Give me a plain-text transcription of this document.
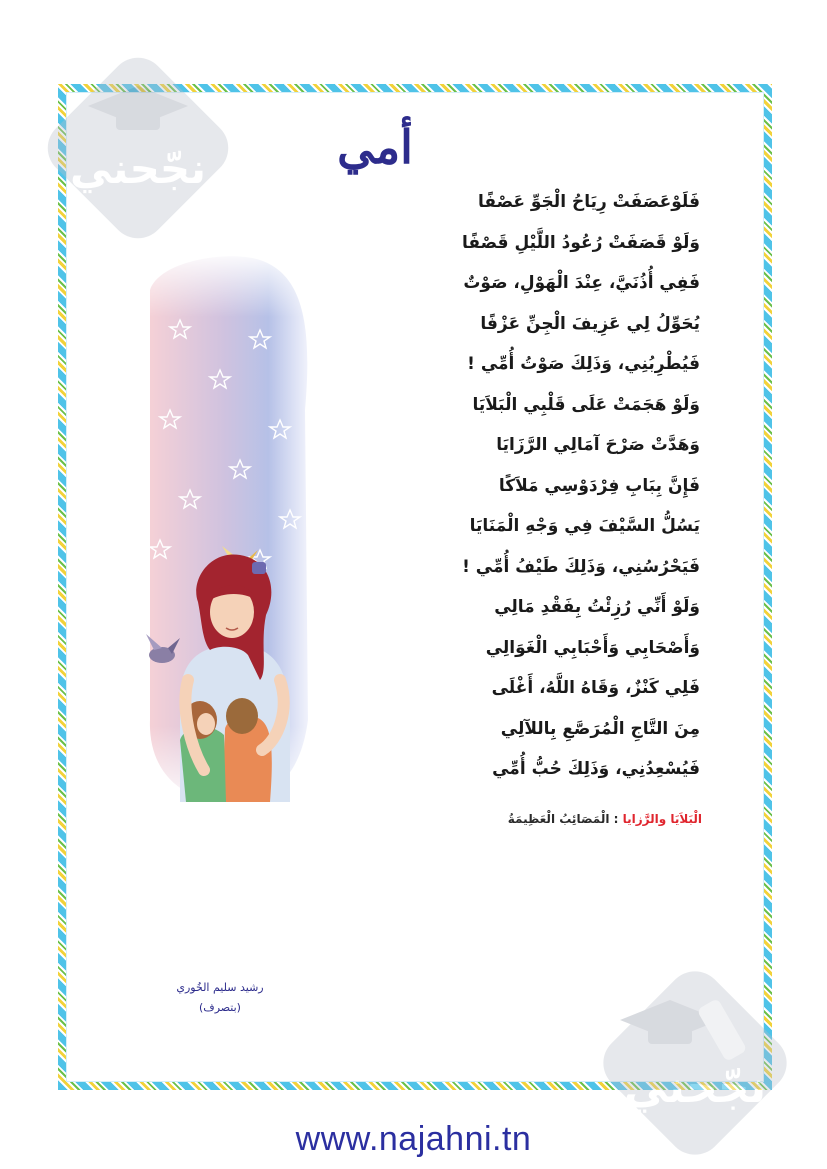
نجّحني
نجّحني
أمي
فَلَوْعَصَفَتْ رِيَاحُ الْجَوِّ عَصْفًا
وَلَوْ قَصَفَتْ رُعُودُ اللَّيْلِ قَصْفًا
فَفِي أُذُنَيَّ، عِنْدَ الْهَوْلِ، صَوْتٌ
يُحَوِّلُ لِي عَزِيفَ الْجِنِّ عَزْفًا
فَيُطْرِبُنِي، وَذَلِكَ صَوْتُ أُمِّي !
وَلَوْ هَجَمَتْ عَلَى قَلْبِي الْبَلاَيَا
وَهَدَّتْ صَرْحَ آمَالِي الرَّزَايَا
فَإِنَّ بِبَابِ فِرْدَوْسِي مَلاَكًا
يَسُلُّ السَّيْفَ فِي وَجْهِ الْمَنَايَا
فَيَحْرُسُنِي، وَذَلِكَ طَيْفُ أُمِّي !
وَلَوْ أَنِّي رُزِئْتُ بِفَقْدِ مَالِي
وَأَصْحَابِي وَأَحْبَابِي الْغَوَالِي
فَلِي كَنْزٌ، وَقَاهُ اللَّهُ، أَغْلَى
مِنَ التَّاجِ الْمُرَصَّعِ بِاللآلِي
فَيُسْعِدُنِي، وَذَلِكَ حُبُّ أُمِّي
الْبَلاَيَا والرَّزايا : الْمَصَائِبُ الْعَظِيمَةُ
رشيد سليم الخُوري
(بتصرف)
www.najahni.tn
